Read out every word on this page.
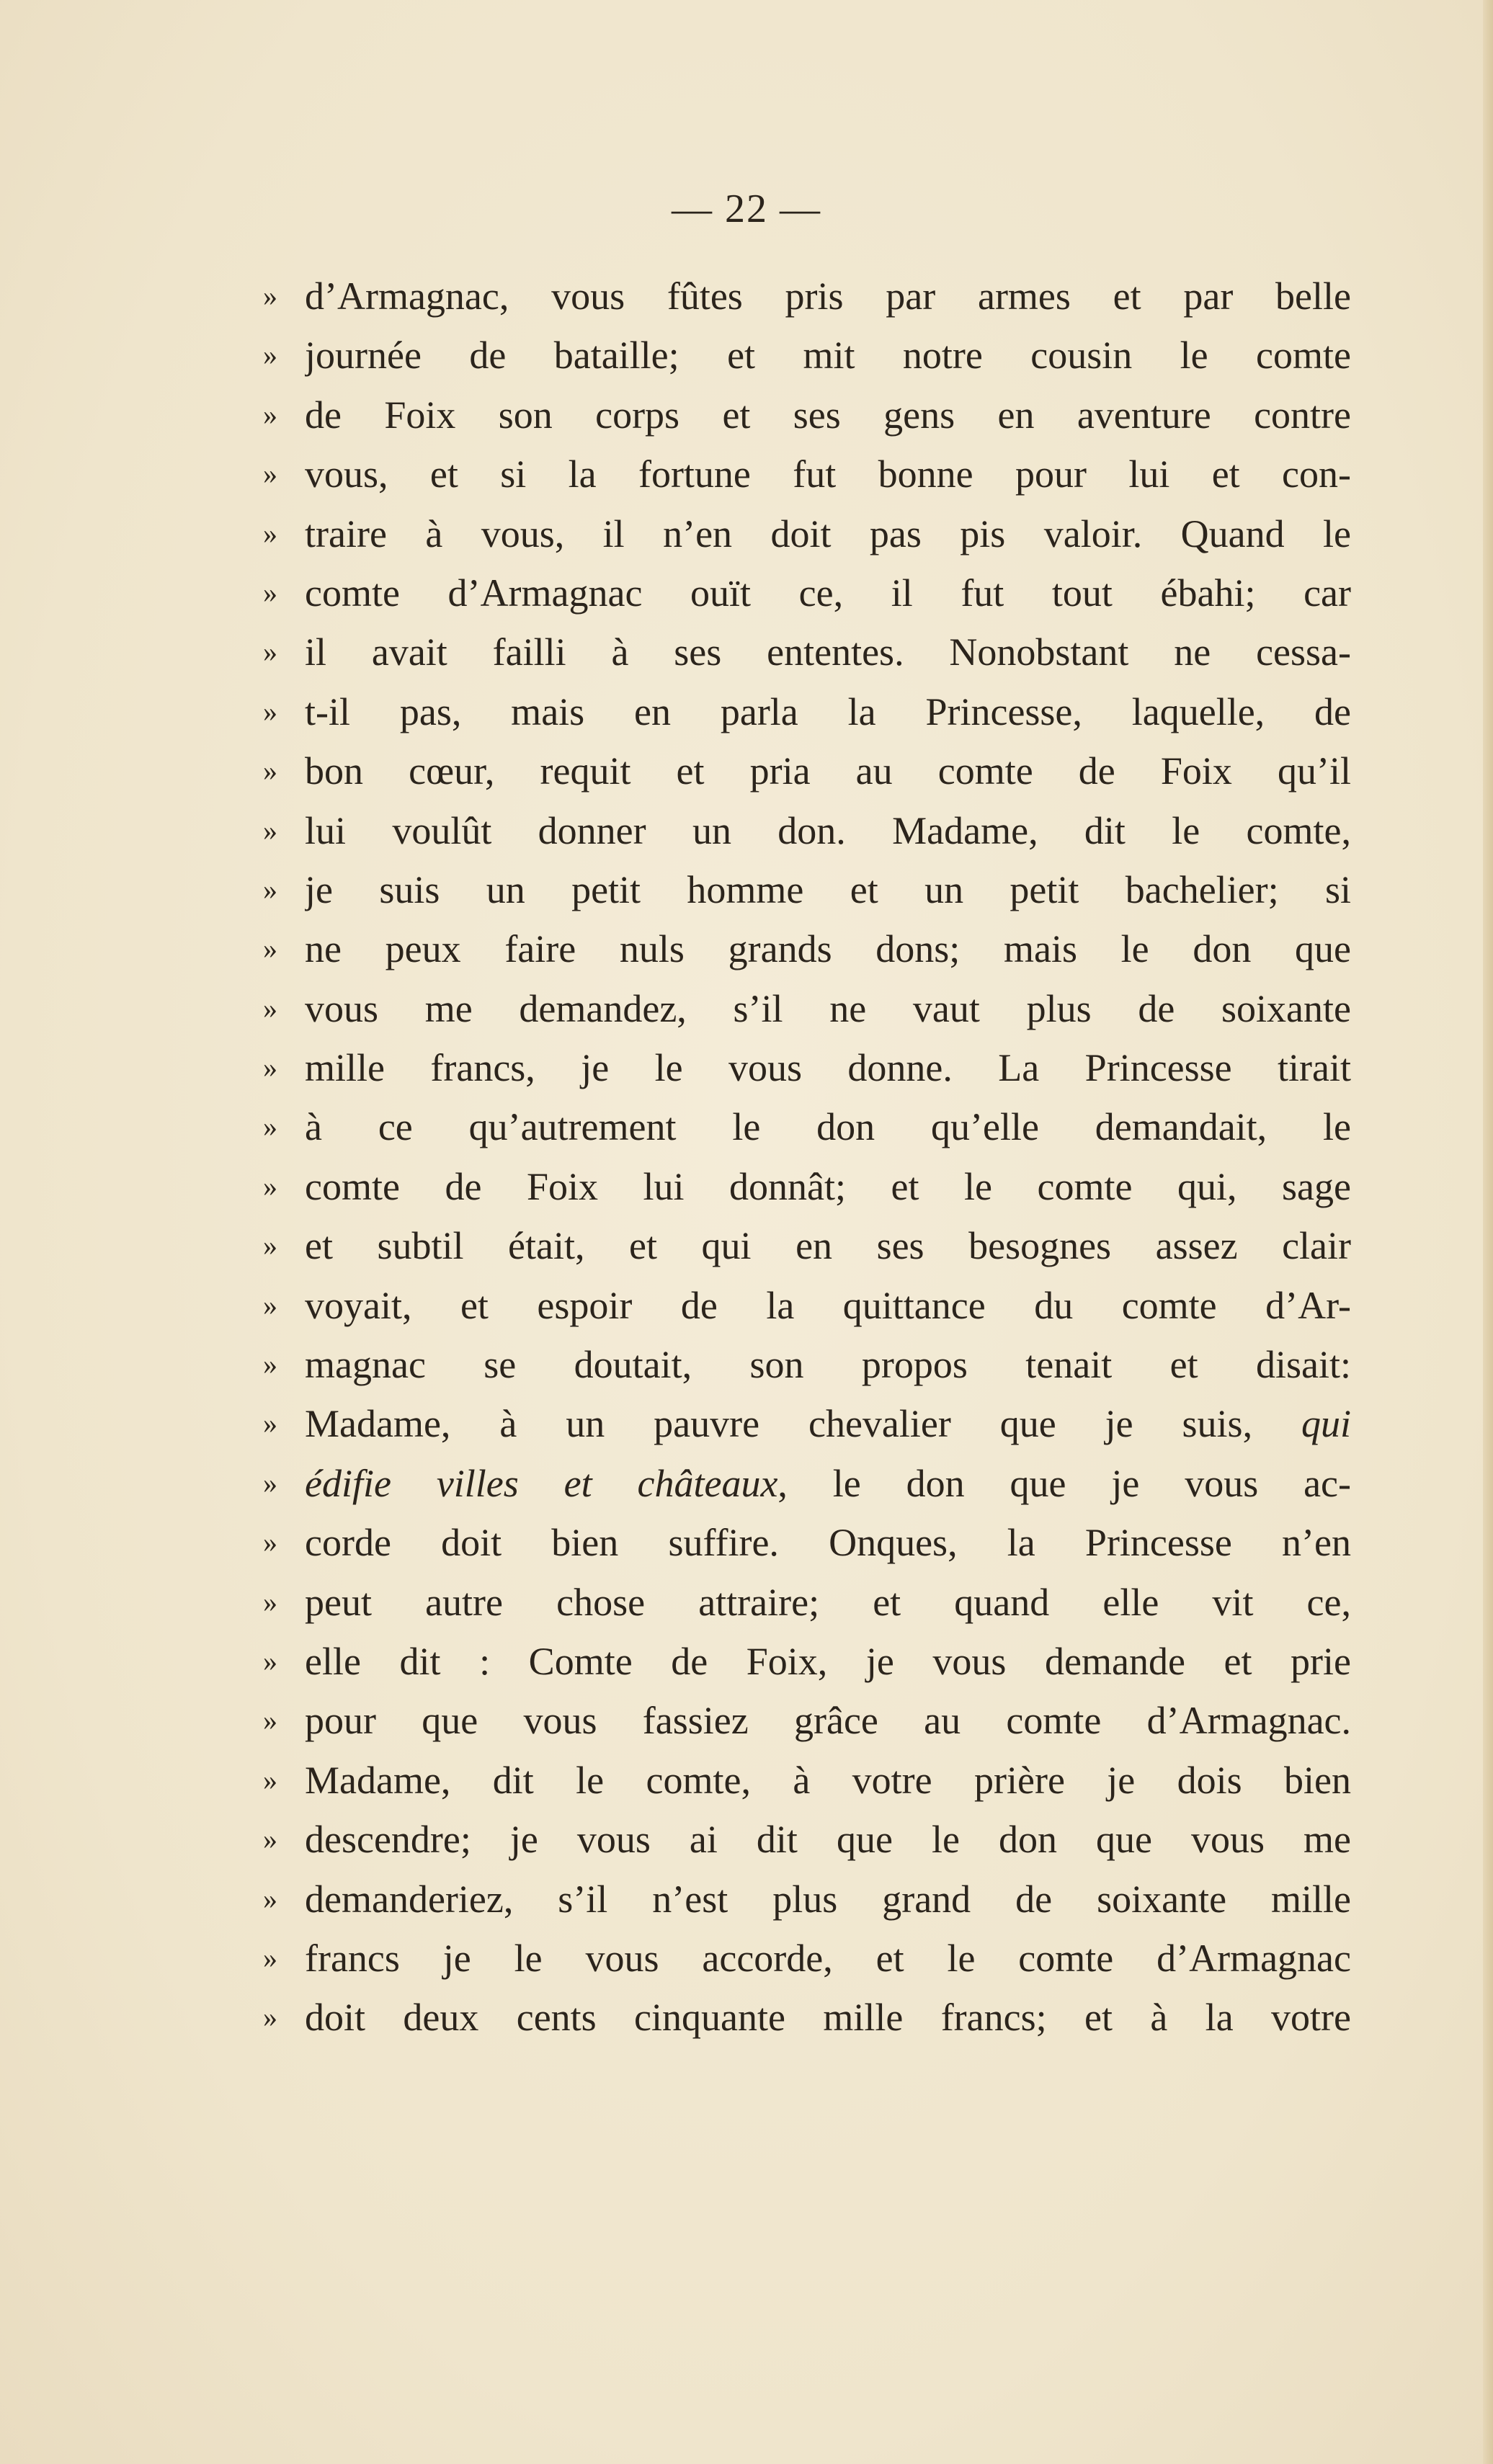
— 22 —
» d’Armagnac, vous fûtes pris par armes et par belle
» journée de bataille; et mit notre cousin le comte
» de Foix son corps et ses gens en aventure contre
» vous, et si la fortune fut bonne pour lui et con-
» traire à vous, il n’en doit pas pis valoir. Quand le
» comte d’Armagnac ouït ce, il fut tout ébahi; car
» il avait failli à ses ententes. Nonobstant ne cessa-
» t-il pas, mais en parla la Princesse, laquelle, de
» bon cœur, requit et pria au comte de Foix qu’il
» lui voulût donner un don. Madame, dit le comte,
» je suis un petit homme et un petit bachelier; si
» ne peux faire nuls grands dons; mais le don que
» vous me demandez, s’il ne vaut plus de soixante
» mille francs, je le vous donne. La Princesse tirait
» à ce qu’autrement le don qu’elle demandait, le
» comte de Foix lui donnât; et le comte qui, sage
» et subtil était, et qui en ses besognes assez clair
» voyait, et espoir de la quittance du comte d’Ar-
» magnac se doutait, son propos tenait et disait:
» Madame, à un pauvre chevalier que je suis, qui
» édifie villes et châteaux, le don que je vous ac-
» corde doit bien suffire. Onques, la Princesse n’en
» peut autre chose attraire; et quand elle vit ce,
» elle dit : Comte de Foix, je vous demande et prie
» pour que vous fassiez grâce au comte d’Armagnac.
» Madame, dit le comte, à votre prière je dois bien
» descendre; je vous ai dit que le don que vous me
» demanderiez, s’il n’est plus grand de soixante mille
» francs je le vous accorde, et le comte d’Armagnac
» doit deux cents cinquante mille francs; et à la votre
